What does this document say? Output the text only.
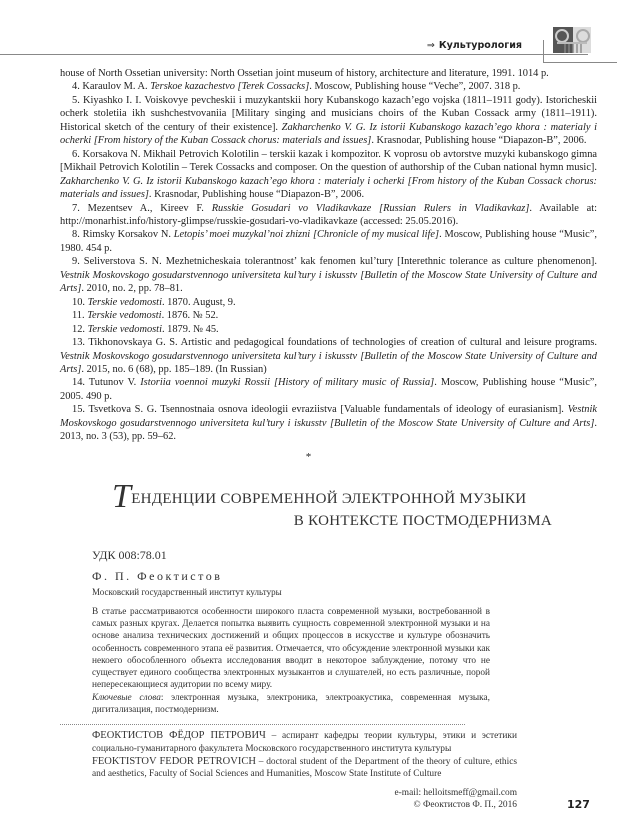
⇒ Культурология

house of North Ossetian university: North Ossetian joint museum of history, architecture and literature, 1991. 1014 p.

4. Karaulov M. A. Terskoe kazachestvo [Terek Cossacks]. Moscow, Publishing house “Veche”, 2007. 318 p.

5. Kiyashko I. I. Voiskovye pevcheskii i muzykantskii hory Kubanskogo kazach’ego vojska (1811–1911 gody). Istoricheskii ocherk stoletiia ikh sushchestvovaniia [Military singing and musicians choirs of the Kuban Cossack army (1811–1911). Historical sketch of the century of their existence]. Zakharchenko V. G. Iz istorii Kubanskogo kazach’ego khora : materialy i ocherki [From history of the Kuban Cossack chorus: materials and issues]. Krasnodar, Publishing house “Diapazon-B”, 2006.

6. Korsakova N. Mikhail Petrovich Kolotilin – terskii kazak i kompozitor. K voprosu ob avtorstve muzyki kubanskogo gimna [Mikhail Petrovich Kolotilin – Terek Cossacks and composer. On the question of authorship of the Cuban national hymn music]. Zakharchenko V. G. Iz istorii Kubanskogo kazach’ego khora : materialy i ocherki [From history of the Kuban Cossack chorus: materials and issues]. Krasnodar, Publishing house “Diapazon-B”, 2006.

7. Mezentsev A., Kireev F. Russkie Gosudari vo Vladikavkaze [Russian Rulers in Vladikavkaz]. Available at: http://monarhist.info/history-glimpse/russkie-gosudari-vo-vladikavkaze (accessed: 25.05.2016).

8. Rimsky Korsakov N. Letopis’ moei muzykal’noi zhizni [Chronicle of my musical life]. Moscow, Publishing house “Music”, 1980. 454 p.

9. Seliverstova S. N. Mezhetnicheskaia tolerantnost’ kak fenomen kul’tury [Interethnic tolerance as culture phenomenon]. Vestnik Moskovskogo gosudarstvennogo universiteta kul’tury i iskusstv [Bulletin of the Moscow State University of Culture and Arts]. 2010, no. 2, pp. 78–81.

10. Terskie vedomosti. 1870. August, 9.

11. Terskie vedomosti. 1876. № 52.

12. Terskie vedomosti. 1879. № 45.

13. Tikhonovskaya G. S. Artistic and pedagogical foundations of technologies of creation of cultural and leisure programs. Vestnik Moskovskogo gosudarstvennogo universiteta kul’tury i iskusstv [Bulletin of the Moscow State University of Culture and Arts]. 2015, no. 6 (68), pp. 185–189. (In Russian)

14. Tutunov V. Istoriia voennoi muzyki Rossii [History of military music of Russia]. Moscow, Publishing house “Music”, 2005. 490 p.

15. Tsvetkova S. G. Tsennostnaia osnova ideologii evraziistva [Valuable fundamentals of ideology of eurasianism]. Vestnik Moskovskogo gosudarstvennogo universiteta kul’tury i iskusstv [Bulletin of the Moscow State University of Culture and Arts]. 2013, no. 3 (53), pp. 59–62.

*
ТЕНДЕНЦИИ СОВРЕМЕННОЙ ЭЛЕКТРОННОЙ МУЗЫКИ
В КОНТЕКСТЕ ПОСТМОДЕРНИЗМА
УДК 008:78.01
Ф. П. Феоктистов
Московский государственный институт культуры

В статье рассматриваются особенности широкого пласта современной музыки, востребованной в самых разных кругах. Делается попытка выявить сущность современной электронной музыки и на основе анализа технических достижений и общих процессов в искусстве и культуре обозначить особенность современного этапа её развития. Отмечается, что обсуждение электронной музыки как некоего обособленного объекта исследования вводит в некоторое заблуждение, потому что не существует единого сообщества электронных музыкантов и слушателей, но есть различные, порой непересекающиеся аудитории по всему миру.

Ключевые слова: электронная музыка, электроника, электроакустика, современная музыка, дигитализация, постмодернизм.

ФЕОКТИСТОВ ФЁДОР ПЕТРОВИЧ – аспирант кафедры теории культуры, этики и эстетики социально-гуманитарного факультета Московского государственного института культуры

FEOKTISTOV FEDOR PETROVICH – doctoral student of the Department of the theory of culture, ethics and aesthetics, Faculty of Social Sciences and Humanities, Moscow State Institute of Culture

e-mail: helloitsmeff@gmail.com
© Феоктистов Ф. П., 2016	127
